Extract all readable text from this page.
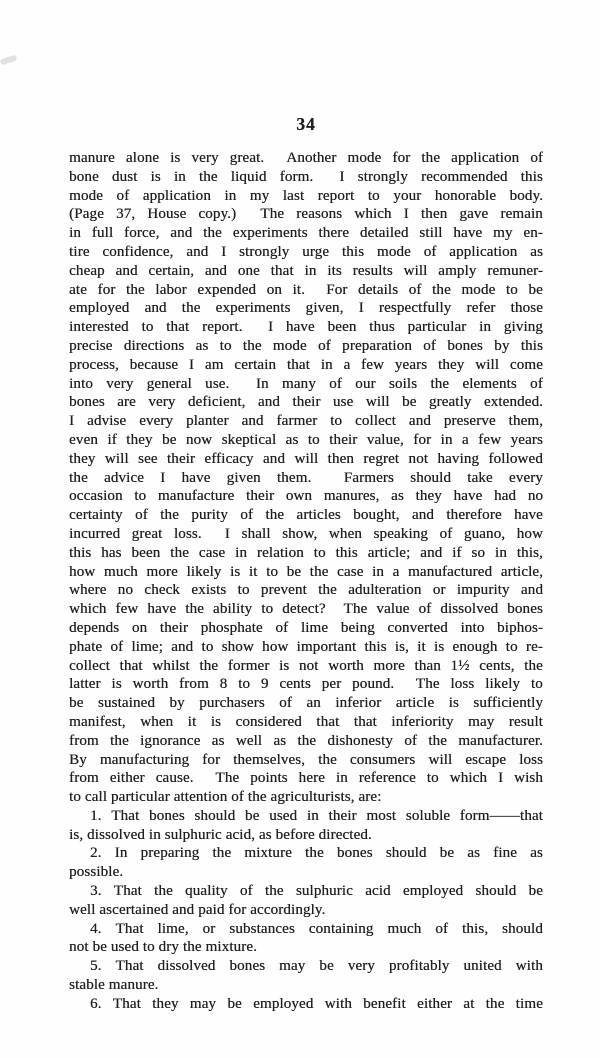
34
manure alone is very great. Another mode for the application of
bone dust is in the liquid form. I strongly recommended this
mode of application in my last report to your honorable body.
(Page 37, House copy.) The reasons which I then gave remain
in full force, and the experiments there detailed still have my en-
tire confidence, and I strongly urge this mode of application as
cheap and certain, and one that in its results will amply remuner-
ate for the labor expended on it. For details of the mode to be
employed and the experiments given, I respectfully refer those
interested to that report. I have been thus particular in giving
precise directions as to the mode of preparation of bones by this
process, because I am certain that in a few years they will come
into very general use. In many of our soils the elements of
bones are very deficient, and their use will be greatly extended.
I advise every planter and farmer to collect and preserve them,
even if they be now skeptical as to their value, for in a few years
they will see their efficacy and will then regret not having followed
the advice I have given them. Farmers should take every
occasion to manufacture their own manures, as they have had no
certainty of the purity of the articles bought, and therefore have
incurred great loss. I shall show, when speaking of guano, how
this has been the case in relation to this article; and if so in this,
how much more likely is it to be the case in a manufactured article,
where no check exists to prevent the adulteration or impurity and
which few have the ability to detect? The value of dissolved bones
depends on their phosphate of lime being converted into biphos-
phate of lime; and to show how important this is, it is enough to re-
collect that whilst the former is not worth more than 1½ cents, the
latter is worth from 8 to 9 cents per pound. The loss likely to
be sustained by purchasers of an inferior article is sufficiently
manifest, when it is considered that that inferiority may result
from the ignorance as well as the dishonesty of the manufacturer.
By manufacturing for themselves, the consumers will escape loss
from either cause. The points here in reference to which I wish
to call particular attention of the agriculturists, are:
1. That bones should be used in their most soluble form——that
is, dissolved in sulphuric acid, as before directed.
2. In preparing the mixture the bones should be as fine as
possible.
3. That the quality of the sulphuric acid employed should be
well ascertained and paid for accordingly.
4. That lime, or substances containing much of this, should
not be used to dry the mixture.
5. That dissolved bones may be very profitably united with
stable manure.
6. That they may be employed with benefit either at the time
